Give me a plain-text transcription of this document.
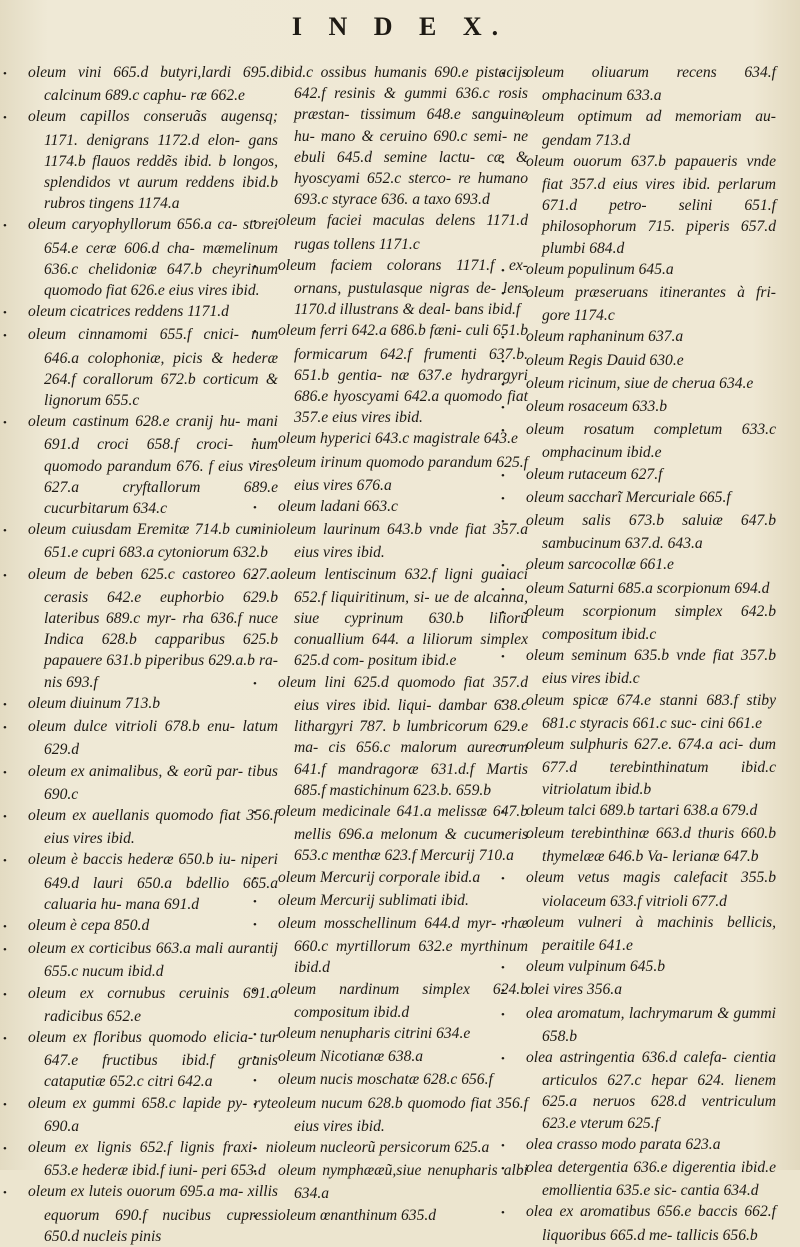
I N D E X.

• oleum vini 665.d butyri,lardi 695.d calcinum 689.c caphu- ræ 662.e

• oleum capillos conseruãs augensq; 1171. denigrans 1172.d elon- gans 1174.b flauos reddẽs ibid. b longos, splendidos vt aurum reddens ibid.b rubros tingens 1174.a

• oleum caryophyllorum 656.a ca- storei 654.e ceræ 606.d cha- mæmelinum 636.c chelidoniæ 647.b cheyrinum quomodo fiat 626.e eius vires ibid.

• oleum cicatrices reddens 1171.d

• oleum cinnamomi 655.f cnici- num 646.a colophoniæ, picis & hederæ 264.f corallorum 672.b corticum & lignorum 655.c

• oleum castinum 628.e cranij hu- mani 691.d croci 658.f croci- num quomodo parandum 676. f eius vires 627.a cryftallorum 689.e cucurbitarum 634.c

• oleum cuiusdam Eremitæ 714.b cumini 651.e cupri 683.a cytoniorum 632.b

• oleum de beben 625.c castoreo 627.a cerasis 642.e euphorbio 629.b lateribus 689.c myr- rha 636.f nuce Indica 628.b capparibus 625.b papauere 631.b piperibus 629.a.b ra- nis 693.f

• oleum diuinum 713.b

• oleum dulce vitrioli 678.b enu- latum 629.d

• oleum ex animalibus, & eorũ par- tibus 690.c

• oleum ex auellanis quomodo fiat 356.f eius vires ibid.

• oleum è baccis hederæ 650.b iu- niperi 649.d lauri 650.a bdellio 665.a caluaria hu- mana 691.d

• oleum è cepa 850.d

• oleum ex corticibus 663.a mali aurantij 655.c nucum ibid.d

• oleum ex cornubus ceruinis 691.a radicibus 652.e

• oleum ex floribus quomodo elicia- tur 647.e fructibus ibid.f granis cataputiæ 652.c citri 642.a

• oleum ex gummi 658.c lapide py- ryte 690.a

• oleum ex lignis 652.f lignis fraxi- ni 653.e hederæ ibid.f iuni- peri 653.d

• oleum ex luteis ouorum 695.a ma- xillis equorum 690.f nucibus cupressi 650.d nucleis pinis

ibid.c ossibus humanis 690.e pistacijs 642.f resinis & gummi 636.c rosis præstan- tissimum 648.e sanguine hu- mano & ceruino 690.c semi- ne ebuli 645.d semine lactu- cæ & hyoscyami 652.c sterco- re humano 693.c styrace 636. a taxo 693.d

• oleum faciei maculas delens 1171.d rugas tollens 1171.c

• oleum faciem colorans 1171.f ex- ornans, pustulasque nigras de- lens 1170.d illustrans & deal- bans ibid.f

• oleum ferri 642.a 686.b fæni- culi 651.b formicarum 642.f frumenti 637.b. 651.b gentia- næ 637.e hydrargyri 686.e hyoscyami 642.a quomodo fiat 357.e eius vires ibid.

• oleum hyperici 643.c magistrale 643.e

• oleum irinum quomodo parandum 625.f eius vires 676.a

• oleum ladani 663.c

• oleum laurinum 643.b vnde fiat 357.a eius vires ibid.

• oleum lentiscinum 632.f ligni guaiaci 652.f liquiritinum, si- ue de alcanna, siue cyprinum 630.b liliorũ conuallium 644. a liliorum simplex 625.d com- positum ibid.e

• oleum lini 625.d quomodo fiat 357.d eius vires ibid. liqui- dambar 638.c lithargyri 787. b lumbricorum 629.e ma- cis 656.c malorum aureorum 641.f mandragoræ 631.d.f Martis 685.f mastichinum 623.b. 659.b

• oleum medicinale 641.a melissæ 647.b mellis 696.a melonum & cucumeris 653.c menthæ 623.f Mercurij 710.a

• oleum Mercurij corporale ibid.a

• oleum Mercurij sublimati ibid.

• oleum mosschellinum 644.d myr- rhæ 660.c myrtillorum 632.e myrthinum ibid.d

• oleum nardinum simplex 624.b compositum ibid.d

• oleum nenupharis citrini 634.e

• oleum Nicotianæ 638.a

• oleum nucis moschatæ 628.c 656.f

• oleum nucum 628.b quomodo fiat 356.f eius vires ibid.

• oleum nucleorũ persicorum 625.a

• oleum nymphææũ,siue nenupharis albi 634.a

• oleum œnanthinum 635.d

• oleum oliuarum recens 634.f omphacinum 633.a

• oleum optimum ad memoriam au- gendam 713.d

• oleum ouorum 637.b papaueris vnde fiat 357.d eius vires ibid. perlarum 671.d petro- selini 651.f philosophorum 715. piperis 657.d plumbi 684.d

• oleum populinum 645.a

• oleum præseruans itinerantes à fri- gore 1174.c

• oleum raphaninum 637.a

• oleum Regis Dauid 630.e

• oleum ricinum, siue de cherua 634.e

• oleum rosaceum 633.b

• oleum rosatum completum 633.c omphacinum ibid.e

• oleum rutaceum 627.f

• oleum saccharĩ Mercuriale 665.f

• oleum salis 673.b saluiæ 647.b sambucinum 637.d. 643.a

• oleum sarcocollæ 661.e

• oleum Saturni 685.a scorpionum 694.d

• oleum scorpionum simplex 642.b compositum ibid.c

• oleum seminum 635.b vnde fiat 357.b eius vires ibid.c

• oleum spicæ 674.e stanni 683.f stiby 681.c styracis 661.c suc- cini 661.e

• oleum sulphuris 627.e. 674.a aci- dum 677.d terebinthinatum ibid.c vitriolatum ibid.b

• oleum talci 689.b tartari 638.a 679.d

• oleum terebinthinæ 663.d thuris 660.b thymelææ 646.b Va- lerianæ 647.b

• oleum vetus magis calefacit 355.b violaceum 633.f vitrioli 677.d

• oleum vulneri à machinis bellicis, peraitile 641.e

• oleum vulpinum 645.b

• olei vires 356.a

• olea aromatum, lachrymarum & gummi 658.b

• olea astringentia 636.d calefa- cientia articulos 627.c hepar 624. lienem 625.a neruos 628.d ventriculum 623.e vterum 625.f

• olea crasso modo parata 623.a

• olea detergentia 636.e digerentia ibid.e emollientia 635.e sic- cantia 634.d

• olea ex aromatibus 656.e baccis 662.f liquoribus 665.d me- tallicis 656.b
